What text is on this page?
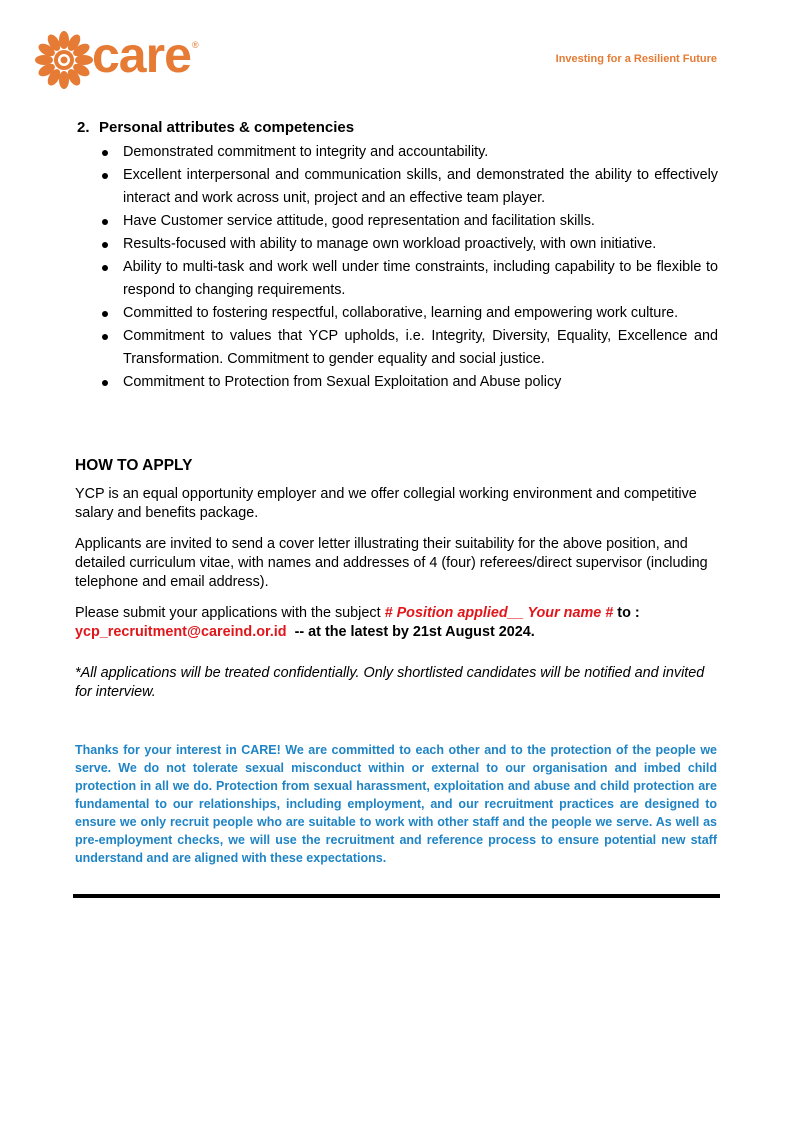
care ®
Investing for a Resilient Future

2. Personal attributes & competencies

Demonstrated commitment to integrity and accountability.
Excellent interpersonal and communication skills, and demonstrated the ability to effectively interact and work across unit, project and an effective team player.
Have Customer service attitude, good representation and facilitation skills.
Results-focused with ability to manage own workload proactively, with own initiative.
Ability to multi-task and work well under time constraints, including capability to be flexible to respond to changing requirements.
Committed to fostering respectful, collaborative, learning and empowering work culture.
Commitment to values that YCP upholds, i.e. Integrity, Diversity, Equality, Excellence and Transformation. Commitment to gender equality and social justice.
Commitment to Protection from Sexual Exploitation and Abuse policy
HOW TO APPLY

YCP is an equal opportunity employer and we offer collegial working environment and competitive salary and benefits package.

Applicants are invited to send a cover letter illustrating their suitability for the above position, and detailed curriculum vitae, with names and addresses of 4 (four) referees/direct supervisor (including telephone and email address).

Please submit your applications with the subject # Position applied__ Your name # to :
ycp_recruitment@careind.or.id  -- at the latest by 21st August 2024.

*All applications will be treated confidentially. Only shortlisted candidates will be notified and invited for interview.

Thanks for your interest in CARE! We are committed to each other and to the protection of the people we serve. We do not tolerate sexual misconduct within or external to our organisation and imbed child protection in all we do. Protection from sexual harassment, exploitation and abuse and child protection are fundamental to our relationships, including employment, and our recruitment practices are designed to ensure we only recruit people who are suitable to work with other staff and the people we serve. As well as pre-employment checks, we will use the recruitment and reference process to ensure potential new staff understand and are aligned with these expectations.
